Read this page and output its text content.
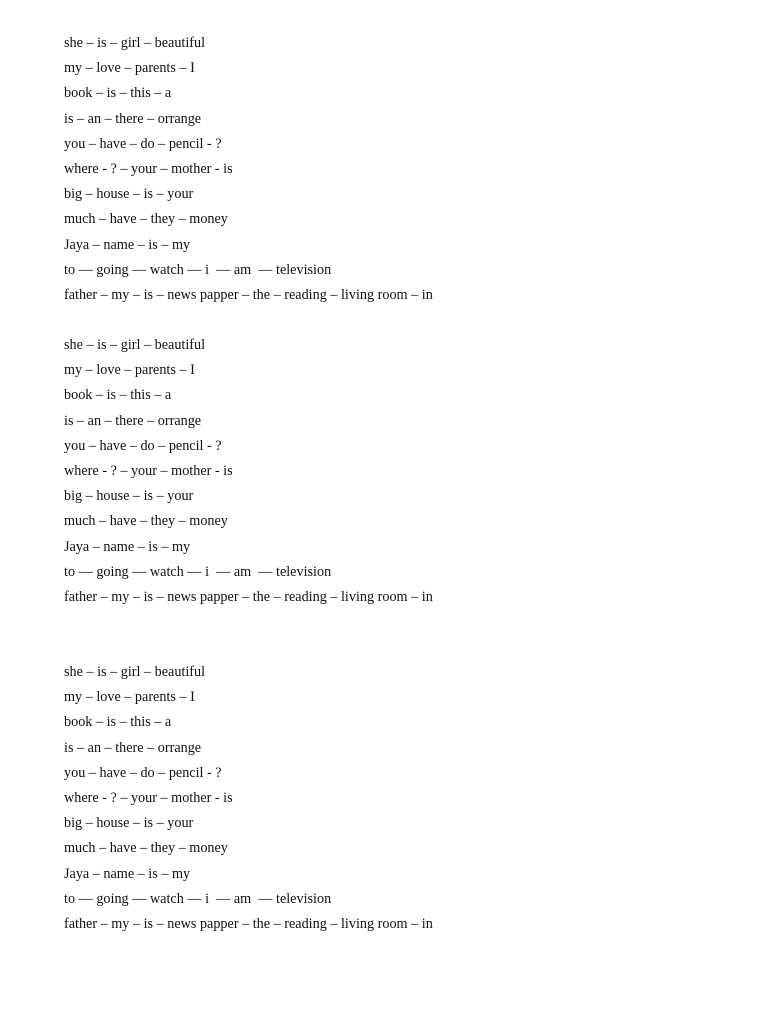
she – is – girl – beautiful
my – love – parents – I
book – is – this – a
is – an – there – orrange
you – have – do – pencil - ?
where - ? – your – mother - is
big – house – is – your
much – have – they – money
Jaya – name – is – my
to –– going –– watch –– i  –– am  –– television
father – my – is – news papper – the – reading – living room – in
she – is – girl – beautiful
my – love – parents – I
book – is – this – a
is – an – there – orrange
you – have – do – pencil - ?
where - ? – your – mother - is
big – house – is – your
much – have – they – money
Jaya – name – is – my
to –– going –– watch –– i  –– am  –– television
father – my – is – news papper – the – reading – living room – in
she – is – girl – beautiful
my – love – parents – I
book – is – this – a
is – an – there – orrange
you – have – do – pencil - ?
where - ? – your – mother - is
big – house – is – your
much – have – they – money
Jaya – name – is – my
to –– going –– watch –– i  –– am  –– television
father – my – is – news papper – the – reading – living room – in
